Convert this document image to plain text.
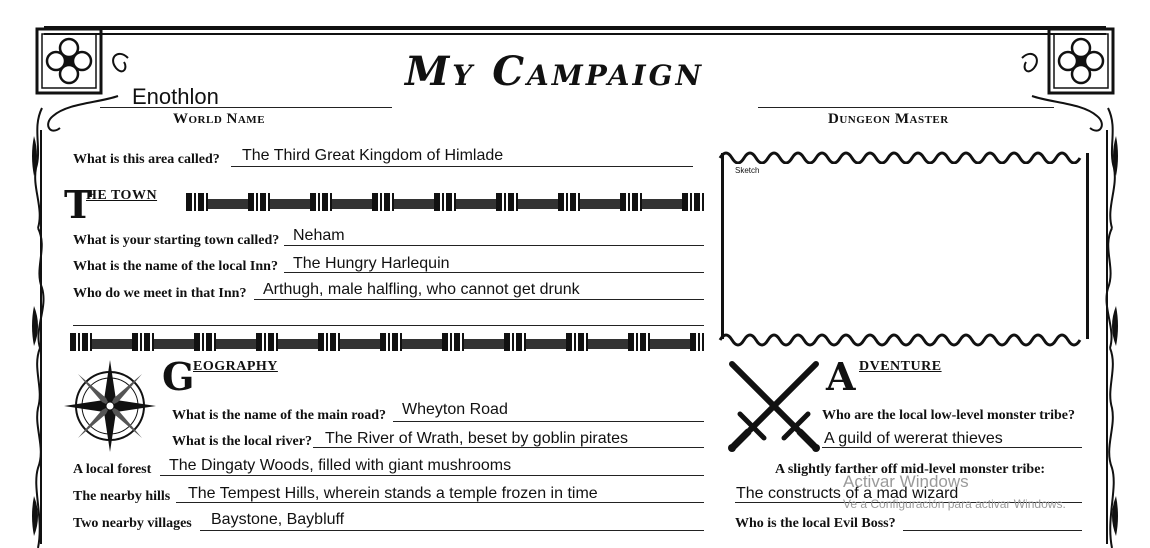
My Campaign
Enothlon
World Name	Dungeon Master
What is this area called? The Third Great Kingdom of Himlade
T
HE TOWN
What is your starting town called? Neham
What is the name of the local Inn? The Hungry Harlequin
Who do we meet in that Inn? Arthugh, male halfling, who cannot get drunk
Sketch
G
EOGRAPHY
What is the name of the main road? Wheyton Road
What is the local river? The River of Wrath, beset by goblin pirates
A local forest The Dingaty Woods, filled with giant mushrooms
The nearby hills The Tempest Hills, wherein stands a temple frozen in time
Two nearby villages Baystone, Baybluff
A DVENTURE
Who are the local low-level monster tribe?
A guild of wererat thieves
A slightly farther off mid-level monster tribe:
The constructs of a mad wizard
Who is the local Evil Boss?
Activar Windows
Ve a Configuración para activar Windows.
